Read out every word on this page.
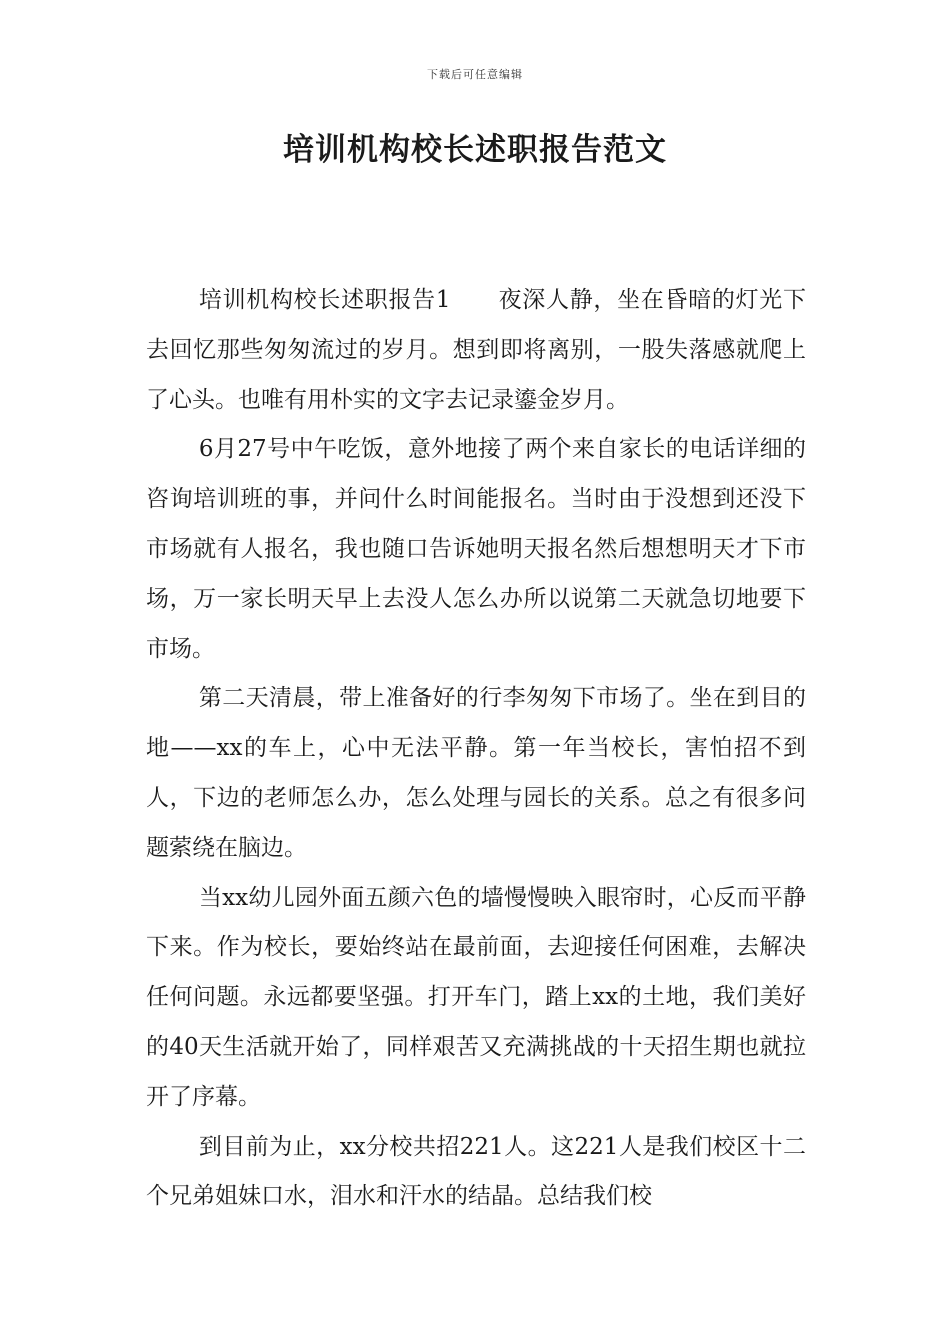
下载后可任意编辑
培训机构校长述职报告范文

培训机构校长述职报告1　　夜深人静，坐在昏暗的灯光下去回忆那些匆匆流过的岁月。想到即将离别，一股失落感就爬上了心头。也唯有用朴实的文字去记录鎏金岁月。

6月27号中午吃饭，意外地接了两个来自家长的电话详细的咨询培训班的事，并问什么时间能报名。当时由于没想到还没下市场就有人报名，我也随口告诉她明天报名然后想想明天才下市场，万一家长明天早上去没人怎么办所以说第二天就急切地要下市场。

第二天清晨，带上准备好的行李匆匆下市场了。坐在到目的地——xx的车上，心中无法平静。第一年当校长，害怕招不到人，下边的老师怎么办，怎么处理与园长的关系。总之有很多问题萦绕在脑边。

当xx幼儿园外面五颜六色的墙慢慢映入眼帘时，心反而平静下来。作为校长，要始终站在最前面，去迎接任何困难，去解决任何问题。永远都要坚强。打开车门，踏上xx的土地，我们美好的40天生活就开始了，同样艰苦又充满挑战的十天招生期也就拉开了序幕。

到目前为止，xx分校共招221人。这221人是我们校区十二个兄弟姐妹口水，泪水和汗水的结晶。总结我们校
